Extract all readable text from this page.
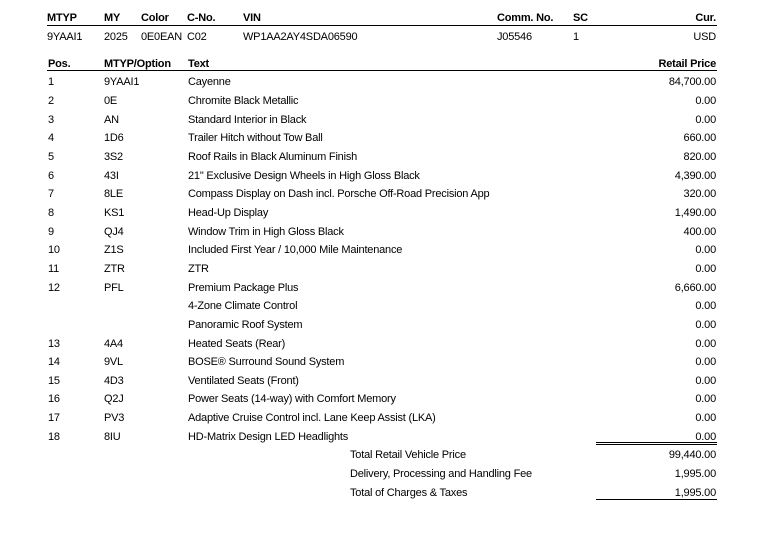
MTYP MY Color C-No.	VIN	Comm. No. SC	Cur.
9YAAI1 2025 0E0EAN C02	WP1AA2AY4SDA06590	J05546	1	USD
Pos.	MTYP/Option Text	Retail Price
1	9YAAI1	Cayenne	84,700.00
2	0E	Chromite Black Metallic	0.00
3	AN	Standard Interior in Black	0.00
4	1D6	Trailer Hitch without Tow Ball	660.00
5	3S2	Roof Rails in Black Aluminum Finish	820.00
6	43I	21" Exclusive Design Wheels in High Gloss Black	4,390.00
7	8LE	Compass Display on Dash incl. Porsche Off-Road Precision App	320.00
8	KS1	Head-Up Display	1,490.00
9	QJ4	Window Trim in High Gloss Black	400.00
10	Z1S	Included First Year / 10,000 Mile Maintenance	0.00
11	ZTR	ZTR	0.00
12	PFL	Premium Package Plus	6,660.00
4-Zone Climate Control	0.00
Panoramic Roof System	0.00
13	4A4	Heated Seats (Rear)	0.00
14	9VL	BOSE® Surround Sound System	0.00
15	4D3	Ventilated Seats (Front)	0.00
16	Q2J	Power Seats (14-way) with Comfort Memory	0.00
17	PV3	Adaptive Cruise Control incl. Lane Keep Assist (LKA)	0.00
18	8IU	HD-Matrix Design LED Headlights	0.00
Total Retail Vehicle Price	99,440.00
Delivery, Processing and Handling Fee	1,995.00
Total of Charges & Taxes	1,995.00
